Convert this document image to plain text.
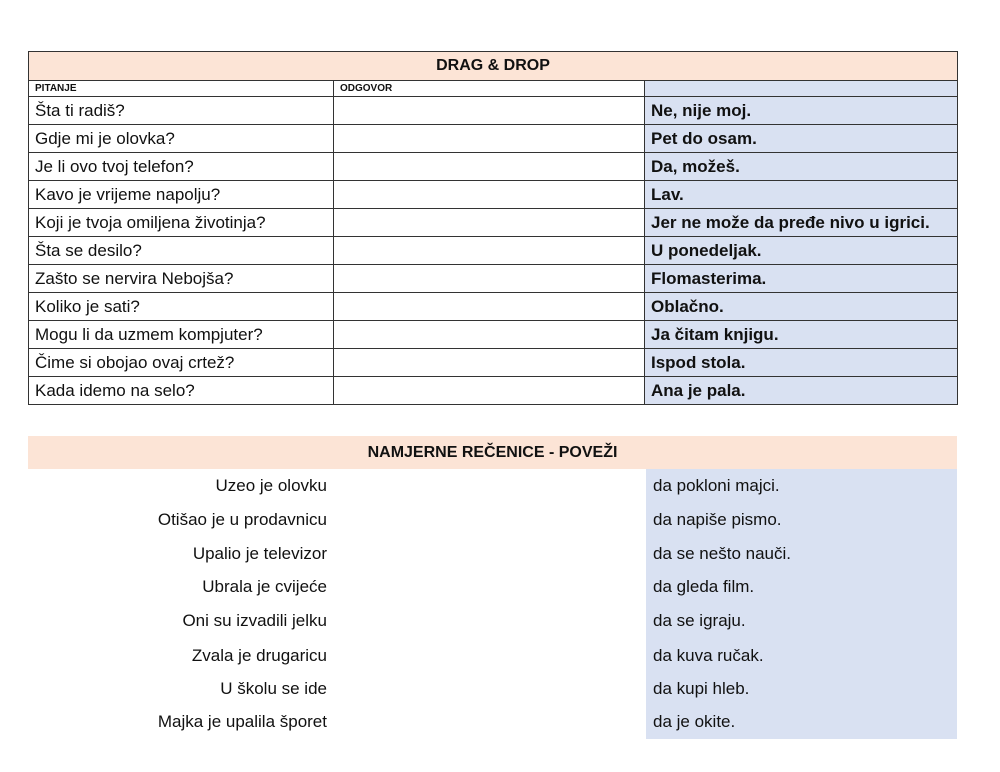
DRAG & DROP		
PITANJE	ODGOVOR	
Šta ti radiš?		Ne, nije moj.
Gdje mi je olovka?		Pet do osam.
Je li ovo tvoj telefon?		Da, možeš.
Kavo je vrijeme napolju?		Lav.
Koji je tvoja omiljena životinja?		Jer ne može da pređe nivo u igrici.
Šta se desilo?		U ponedeljak.
Zašto se nervira Nebojša?		Flomasterima.
Koliko je sati?		Oblačno.
Mogu li da uzmem kompjuter?		Ja čitam knjigu.
Čime si obojao ovaj crtež?		Ispod stola.
Kada idemo na selo?		Ana je pala.
NAMJERNE REČENICE - POVEŽI
Uzeo je olovku	da pokloni majci.
Otišao je u prodavnicu	da napiše pismo.
Upalio je televizor	da se nešto nauči.
Ubrala je cvijeće	da gleda film.
Oni su izvadili jelku	da se igraju.
Zvala je drugaricu	da kuva ručak.
U školu se ide	da kupi hleb.
Majka je upalila šporet	da je okite.
